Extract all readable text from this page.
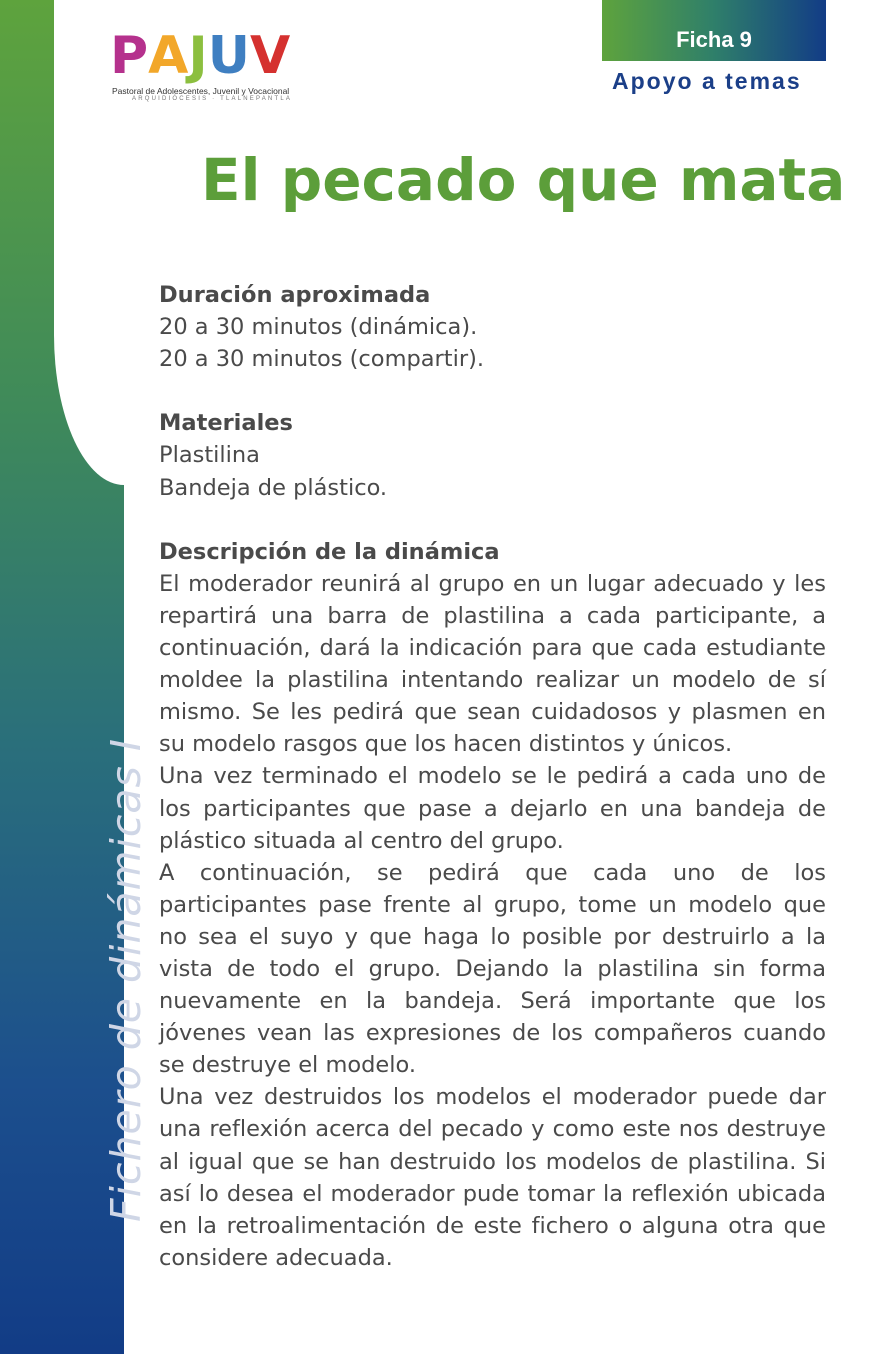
Fichero de dinámicas I
P A J U V
Pastoral de Adolescentes, Juvenil y Vocacional
ARQUIDIÓCESIS · TLALNEPANTLA
Ficha 9
Apoyo a temas
El pecado que mata
Duración aproximada
20 a 30 minutos (dinámica).
20 a 30 minutos (compartir).
Materiales
Plastilina
Bandeja de plástico.
Descripción de la dinámica
El moderador reunirá al grupo en un lugar adecuado y les repartirá una barra de plastilina a cada participante, a continuación, dará la indicación para que cada estudiante moldee la plastilina intentando realizar un modelo de sí mismo. Se les pedirá que sean cuidadosos y plasmen en su modelo rasgos que los hacen distintos y únicos.
Una vez terminado el modelo se le pedirá a cada uno de los participantes que pase a dejarlo en una bandeja de plástico situada al centro del grupo.
A continuación, se pedirá que cada uno de los participantes pase frente al grupo, tome un modelo que no sea el suyo y que haga lo posible por destruirlo a la vista de todo el grupo. Dejando la plastilina sin forma nuevamente en la bandeja. Será importante que los jóvenes vean las expresiones de los compañeros cuando se destruye el modelo.
Una vez destruidos los modelos el moderador puede dar una reflexión acerca del pecado y como este nos destruye al igual que se han destruido los modelos de plastilina. Si así lo desea el moderador pude tomar la reflexión ubicada en la retroalimentación de este fichero o alguna otra que considere adecuada.
